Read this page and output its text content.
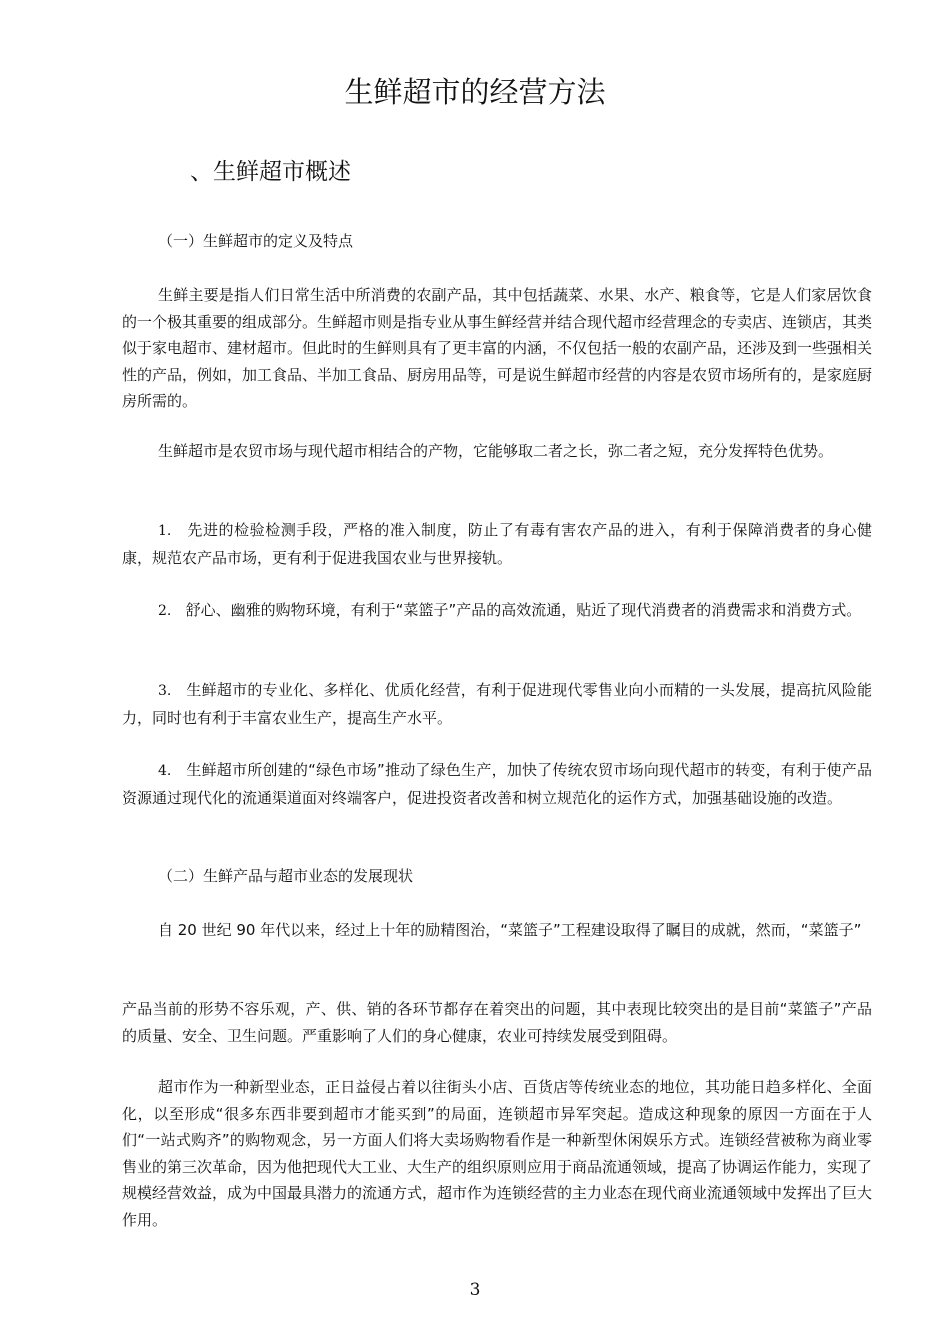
生鲜超市的经营方法
、生鲜超市概述

（一）生鲜超市的定义及特点

生鲜主要是指人们日常生活中所消费的农副产品，其中包括蔬菜、水果、水产、粮食等，它是人们家居饮食的一个极其重要的组成部分。生鲜超市则是指专业从事生鲜经营并结合现代超市经营理念的专卖店、连锁店，其类似于家电超市、建材超市。但此时的生鲜则具有了更丰富的内涵，不仅包括一般的农副产品，还涉及到一些强相关性的产品，例如，加工食品、半加工食品、厨房用品等，可是说生鲜超市经营的内容是农贸市场所有的，是家庭厨房所需的。

生鲜超市是农贸市场与现代超市相结合的产物，它能够取二者之长，弥二者之短，充分发挥特色优势。

1. 先进的检验检测手段，严格的准入制度，防止了有毒有害农产品的进入，有利于保障消费者的身心健康，规范农产品市场，更有利于促进我国农业与世界接轨。

2. 舒心、幽雅的购物环境，有利于“菜篮子”产品的高效流通，贴近了现代消费者的消费需求和消费方式。

3. 生鲜超市的专业化、多样化、优质化经营，有利于促进现代零售业向小而精的一头发展，提高抗风险能力，同时也有利于丰富农业生产，提高生产水平。

4. 生鲜超市所创建的“绿色市场”推动了绿色生产，加快了传统农贸市场向现代超市的转变，有利于使产品资源通过现代化的流通渠道面对终端客户，促进投资者改善和树立规范化的运作方式，加强基础设施的改造。

（二）生鲜产品与超市业态的发展现状

自 20 世纪 90 年代以来，经过上十年的励精图治，“菜篮子”工程建设取得了瞩目的成就，然而，“菜篮子”

产品当前的形势不容乐观，产、供、销的各环节都存在着突出的问题，其中表现比较突出的是目前“菜篮子”产品的质量、安全、卫生问题。严重影响了人们的身心健康，农业可持续发展受到阻碍。

超市作为一种新型业态，正日益侵占着以往街头小店、百货店等传统业态的地位，其功能日趋多样化、全面化，以至形成“很多东西非要到超市才能买到”的局面，连锁超市异军突起。造成这种现象的原因一方面在于人们“一站式购齐”的购物观念，另一方面人们将大卖场购物看作是一种新型休闲娱乐方式。连锁经营被称为商业零售业的第三次革命，因为他把现代大工业、大生产的组织原则应用于商品流通领域，提高了协调运作能力，实现了规模经营效益，成为中国最具潜力的流通方式，超市作为连锁经营的主力业态在现代商业流通领域中发挥出了巨大作用。

3
